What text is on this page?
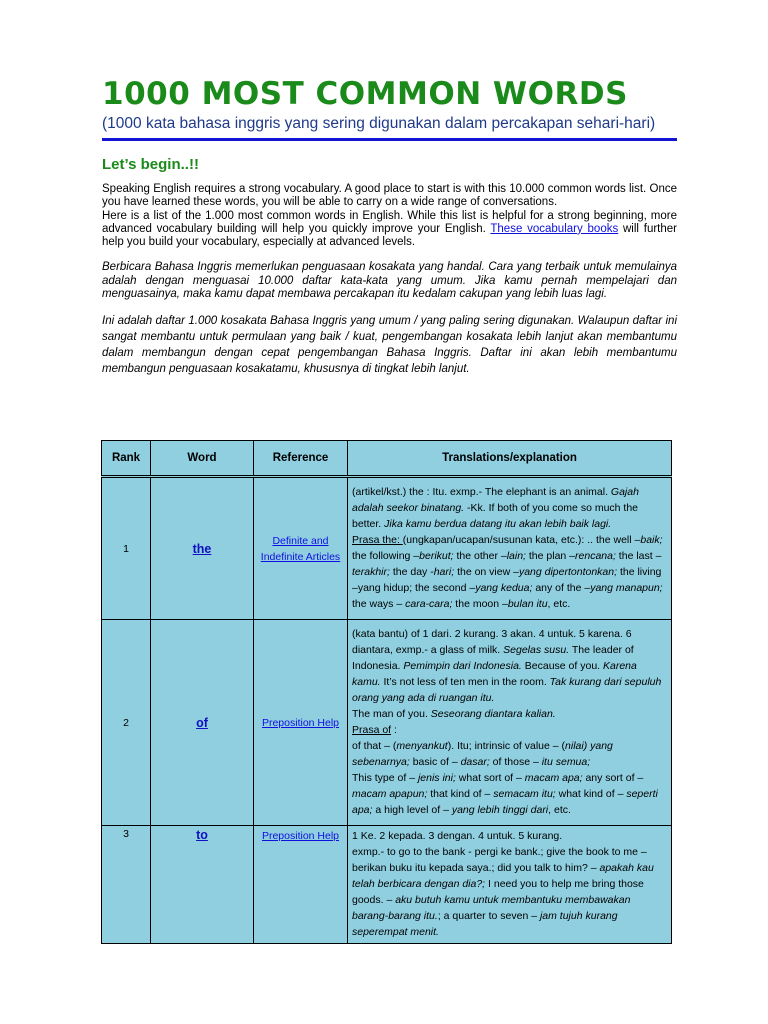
1000 MOST COMMON WORDS

(1000 kata bahasa inggris yang sering digunakan dalam percakapan sehari-hari)

Let’s begin..!!

Speaking English requires a strong vocabulary. A good place to start is with this 10.000 common words list. Once you have learned these words, you will be able to carry on a wide range of conversations.
Here is a list of the 1.000 most common words in English. While this list is helpful for a strong beginning, more advanced vocabulary building will help you quickly improve your English. These vocabulary books will further help you build your vocabulary, especially at advanced levels.

Berbicara Bahasa Inggris memerlukan penguasaan kosakata yang handal. Cara yang terbaik untuk memulainya adalah dengan menguasai 10.000 daftar kata-kata yang umum. Jika kamu pernah mempelajari dan menguasainya, maka kamu dapat membawa percakapan itu kedalam cakupan yang lebih luas lagi.

Ini adalah daftar 1.000 kosakata Bahasa Inggris yang umum / yang paling sering digunakan. Walaupun daftar ini sangat membantu untuk permulaan yang baik / kuat, pengembangan kosakata lebih lanjut akan membantumu dalam membangun dengan cepat pengembangan Bahasa Inggris. Daftar ini akan lebih membantumu membangun penguasaan kosakatamu, khususnya di tingkat lebih lanjut.

Rank	Word	Reference	Translations/explanation
1	the	Definite and Indefinite Articles	(artikel/kst.) the : Itu. exmp.- The elephant is an animal. Gajah adalah seekor binatang. -Kk. If both of you come so much the better. Jika kamu berdua datang itu akan lebih baik lagi.
Prasa the: (ungkapan/ucapan/susunan kata, etc.): .. the well –baik; the following –berikut; the other –lain; the plan –rencana; the last – terakhir; the day -hari; the on view –yang dipertontonkan; the living –yang hidup; the second –yang kedua; any of the –yang manapun; the ways – cara-cara; the moon –bulan itu, etc.
2	of	Preposition Help	(kata bantu) of 1 dari. 2 kurang. 3 akan. 4 untuk. 5 karena. 6 diantara, exmp.- a glass of milk. Segelas susu. The leader of Indonesia. Pemimpin dari Indonesia. Because of you. Karena kamu. It’s not less of ten men in the room. Tak kurang dari sepuluh orang yang ada di ruangan itu.
The man of you. Seseorang diantara kalian.
Prasa of :
of that – (menyankut). Itu; intrinsic of value – (nilai) yang sebenarnya; basic of – dasar; of those – itu semua;
This type of – jenis ini; what sort of – macam apa; any sort of – macam apapun; that kind of – semacam itu; what kind of – seperti apa; a high level of – yang lebih tinggi dari, etc.
3	to	Preposition Help	1 Ke. 2 kepada. 3 dengan. 4 untuk. 5 kurang.
exmp.- to go to the bank - pergi ke bank.; give the book to me – berikan buku itu kepada saya.; did you talk to him? – apakah kau telah berbicara dengan dia?; I need you to help me bring those goods. – aku butuh kamu untuk membantuku membawakan barang-barang itu.; a quarter to seven – jam tujuh kurang seperempat menit.
